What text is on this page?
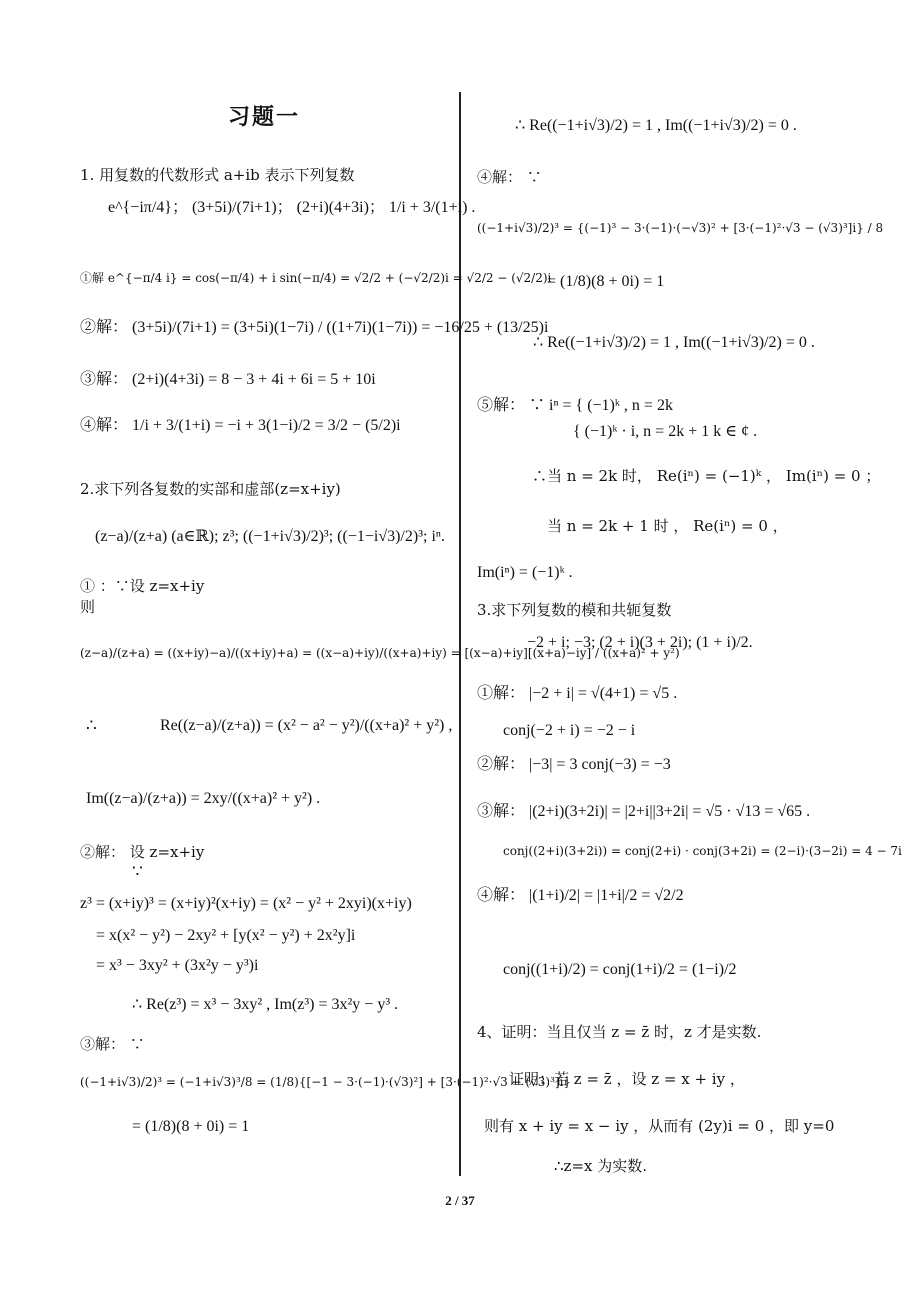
习题一
1. 用复数的代数形式 a+ib 表示下列复数
e^{−iπ/4}； (3+5i)/(7i+1)； (2+i)(4+3i)； 1/i + 3/(1+i) .
①解 e^{−π/4 i} = cos(−π/4) + i sin(−π/4) = √2/2 + (−√2/2)i = √2/2 − (√2/2)i
②解： (3+5i)/(7i+1) = (3+5i)(1−7i) / ((1+7i)(1−7i)) = −16/25 + (13/25)i
③解： (2+i)(4+3i) = 8 − 3 + 4i + 6i = 5 + 10i
④解： 1/i + 3/(1+i) = −i + 3(1−i)/2 = 3/2 − (5/2)i
2.求下列各复数的实部和虚部(z=x+iy)
(z−a)/(z+a) (a∈ℝ); z³; ((−1+i√3)/2)³; ((−1−i√3)/2)³; iⁿ.
① ：∵设 z=x+iy
则
(z−a)/(z+a) = ((x+iy)−a)/((x+iy)+a) = ((x−a)+iy)/((x+a)+iy) = [(x−a)+iy][(x+a)−iy] / ((x+a)² + y²)
∴	Re((z−a)/(z+a)) = (x² − a² − y²)/((x+a)² + y²) ,
Im((z−a)/(z+a)) = 2xy/((x+a)² + y²) .
②解： 设 z=x+iy
∵
z³ = (x+iy)³ = (x+iy)²(x+iy) = (x² − y² + 2xyi)(x+iy)
= x(x² − y²) − 2xy² + [y(x² − y²) + 2x²y]i
= x³ − 3xy² + (3x²y − y³)i
∴ Re(z³) = x³ − 3xy² , Im(z³) = 3x²y − y³ .
③解： ∵
((−1+i√3)/2)³ = (−1+i√3)³/8 = (1/8){[−1 − 3·(−1)·(√3)²] + [3·(−1)²·√3 − (√3)³]i}
= (1/8)(8 + 0i) = 1
∴ Re((−1+i√3)/2) = 1 , Im((−1+i√3)/2) = 0 .
④解： ∵
((−1+i√3)/2)³ = {(−1)³ − 3·(−1)·(−√3)² + [3·(−1)²·√3 − (√3)³]i} / 8
= (1/8)(8 + 0i) = 1
∴ Re((−1+i√3)/2) = 1 , Im((−1+i√3)/2) = 0 .
⑤解： ∵ iⁿ = { (−1)ᵏ , n = 2k
{ (−1)ᵏ · i, n = 2k + 1 k ∈ ¢ .
∴当 n = 2k 时， Re(iⁿ) = (−1)ᵏ ， Im(iⁿ) = 0 ；
当 n = 2k + 1 时 ， Re(iⁿ) = 0 ，
Im(iⁿ) = (−1)ᵏ .
3.求下列复数的模和共轭复数
−2 + i; −3; (2 + i)(3 + 2i); (1 + i)/2.
①解： |−2 + i| = √(4+1) = √5 .
conj(−2 + i) = −2 − i
②解： |−3| = 3 conj(−3) = −3
③解： |(2+i)(3+2i)| = |2+i||3+2i| = √5 · √13 = √65 .
conj((2+i)(3+2i)) = conj(2+i) · conj(3+2i) = (2−i)·(3−2i) = 4 − 7i
④解： |(1+i)/2| = |1+i|/2 = √2/2
conj((1+i)/2) = conj(1+i)/2 = (1−i)/2
4、证明：当且仅当 z = z̄ 时，z 才是实数.
证明：若 z = z̄ ，设 z = x + iy ，
则有 x + iy = x − iy ，从而有 (2y)i = 0 ，即 y=0
∴z=x 为实数.
2 / 37
